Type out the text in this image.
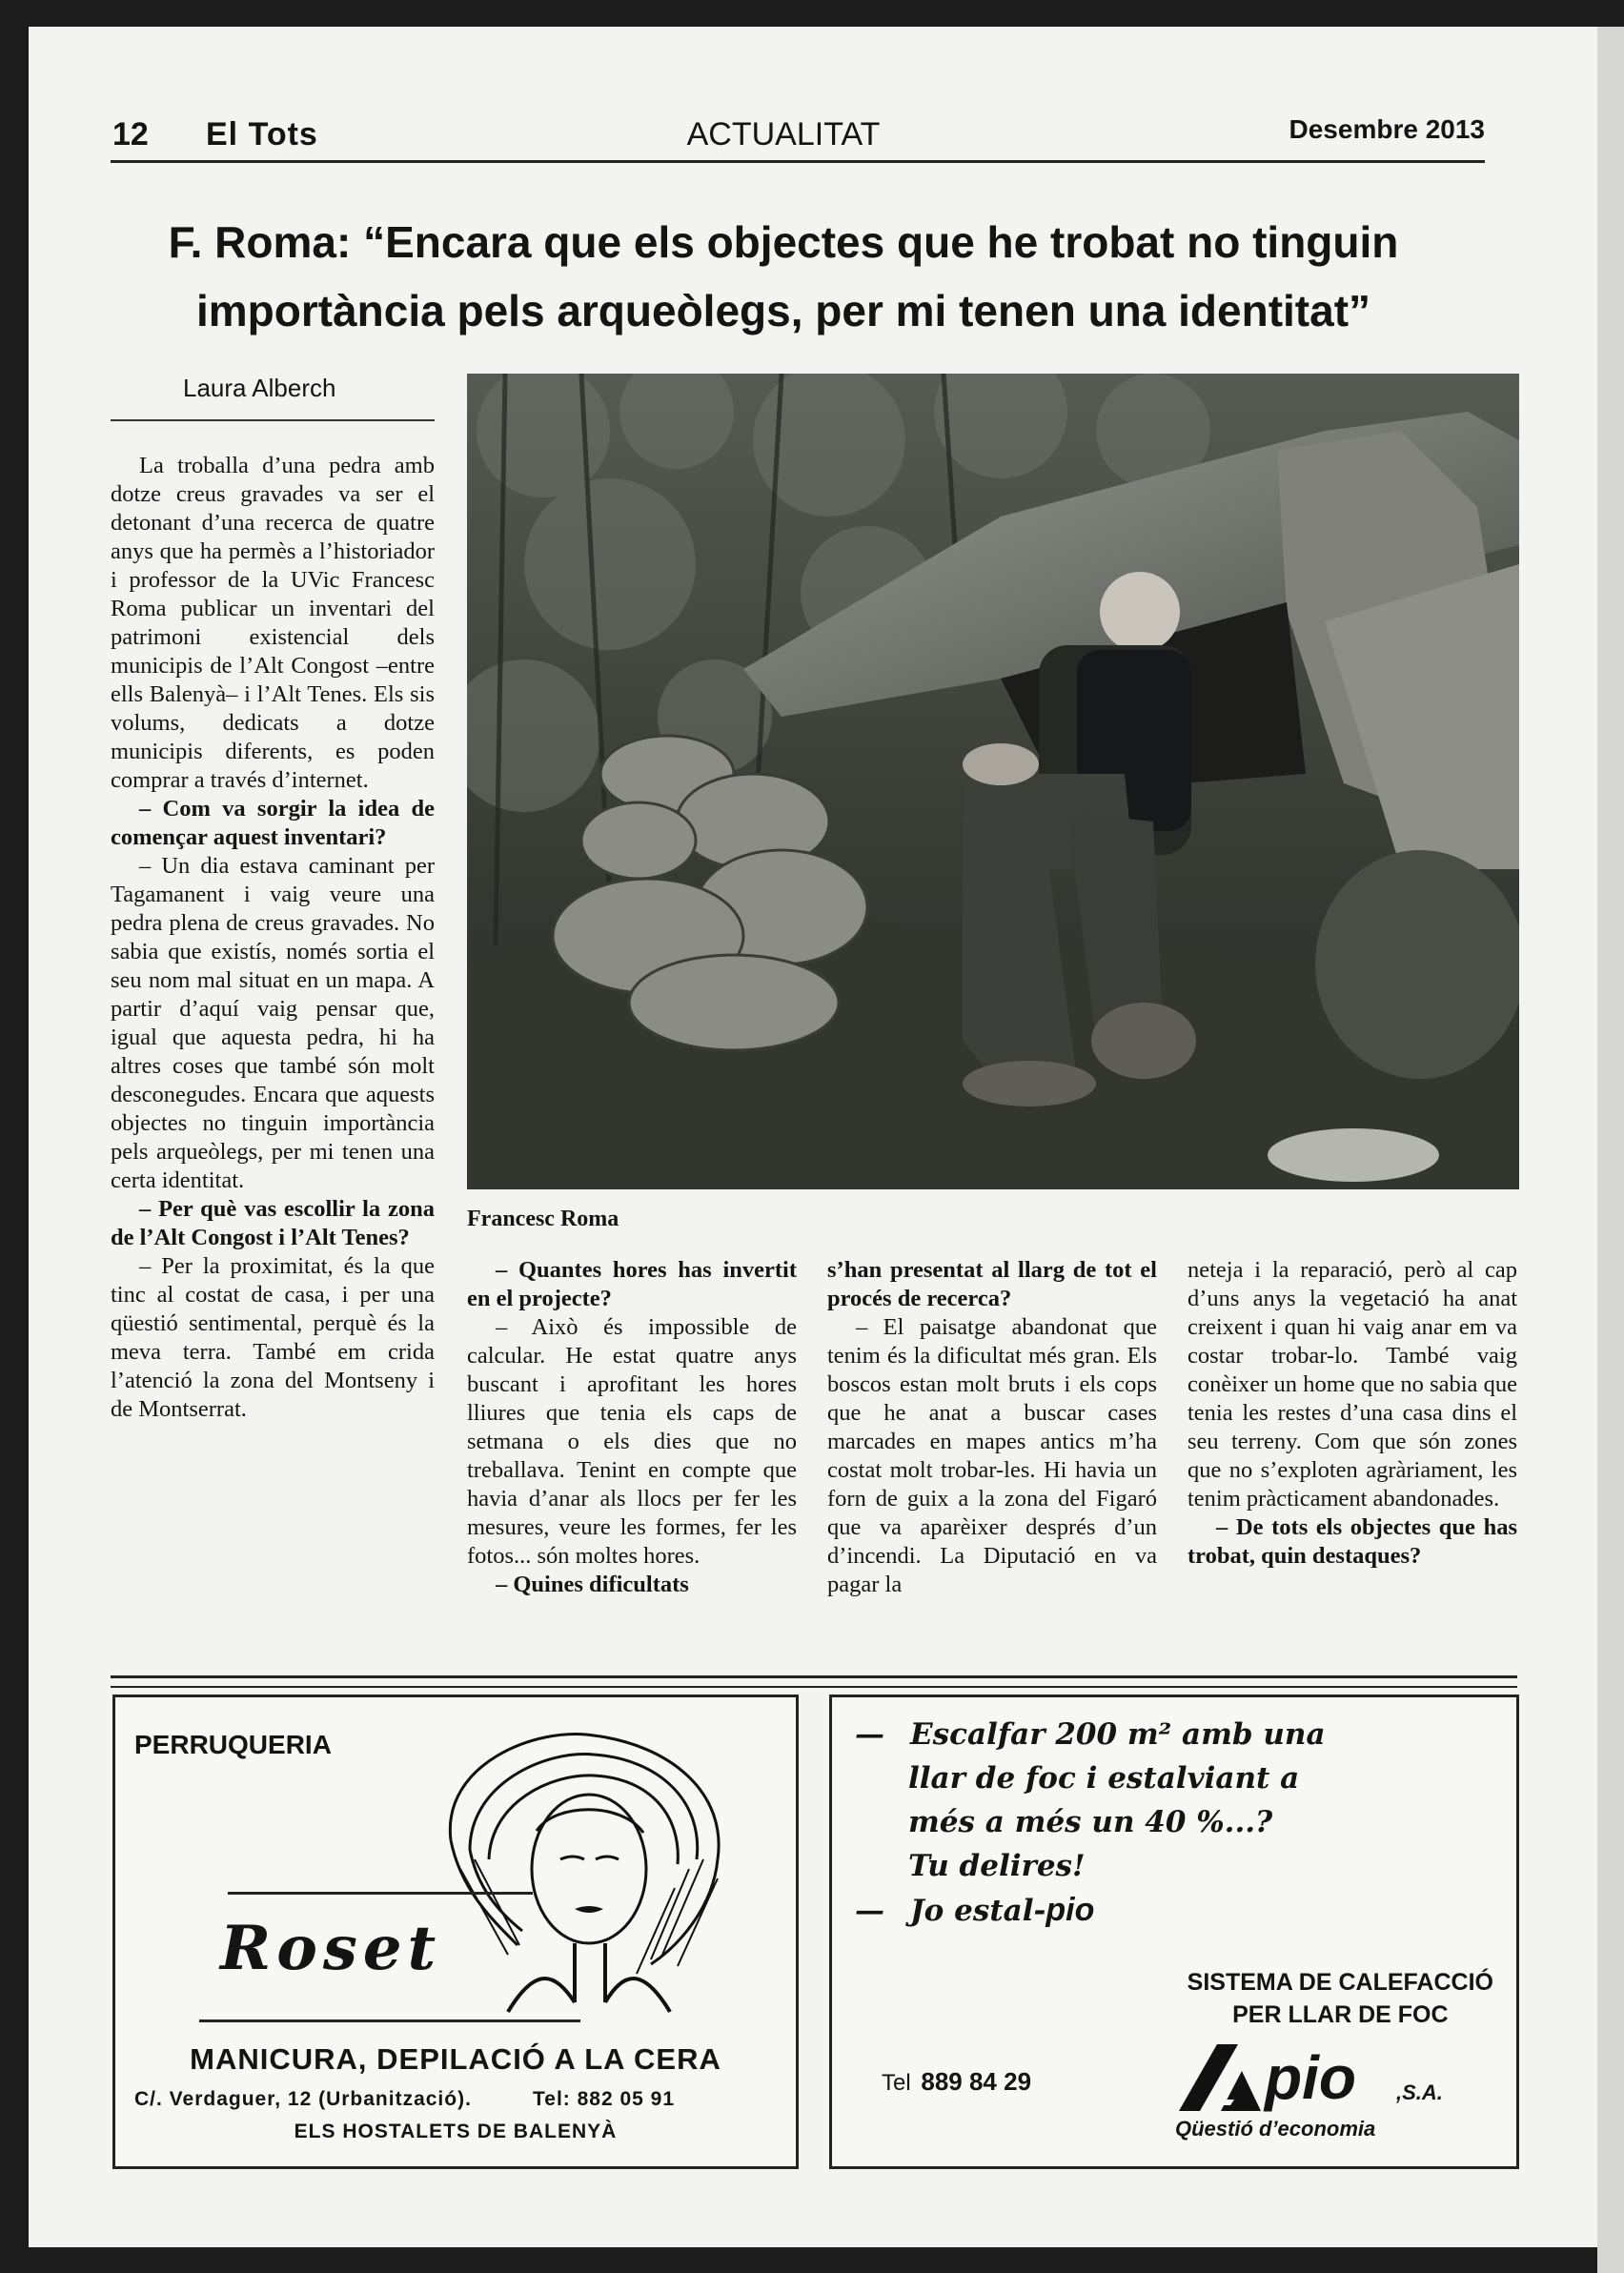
12 El Tots	ACTUALITAT	Desembre 2013
F. Roma: “Encara que els objectes que he trobat no tinguin
importància pels arqueòlegs, per mi tenen una identitat”
Laura Alberch

La troballa d’una pedra amb dotze creus gravades va ser el detonant d’una recerca de quatre anys que ha permès a l’historiador i professor de la UVic Francesc Roma publicar un inventari del patrimoni existencial dels municipis de l’Alt Congost –entre ells Balenyà– i l’Alt Tenes. Els sis volums, dedicats a dotze municipis diferents, es poden comprar a través d’internet.

– Com va sorgir la idea de començar aquest inventari?

– Un dia estava caminant per Tagamanent i vaig veure una pedra plena de creus gravades. No sabia que existís, només sortia el seu nom mal situat en un mapa. A partir d’aquí vaig pensar que, igual que aquesta pedra, hi ha altres coses que també són molt desconegudes. Encara que aquests objectes no tinguin importància pels arqueòlegs, per mi tenen una certa identitat.

– Per què vas escollir la zona de l’Alt Congost i l’Alt Tenes?

– Per la proximitat, és la que tinc al costat de casa, i per una qüestió sentimental, perquè és la meva terra. També em crida l’atenció la zona del Montseny i de Montserrat.

Francesc Roma

– Quantes hores has invertit en el projecte?

– Això és impossible de calcular. He estat quatre anys buscant i aprofitant les hores lliures que tenia els caps de setmana o els dies que no treballava. Tenint en compte que havia d’anar als llocs per fer les mesures, veure les formes, fer les fotos... són moltes hores.

– Quines dificultats

s’han presentat al llarg de tot el procés de recerca?

– El paisatge abandonat que tenim és la dificultat més gran. Els boscos estan molt bruts i els cops que he anat a buscar cases marcades en mapes antics m’ha costat molt trobar-les. Hi havia un forn de guix a la zona del Figaró que va aparèixer després d’un d’incendi. La Diputació en va pagar la

neteja i la reparació, però al cap d’uns anys la vegetació ha anat creixent i quan hi vaig anar em va costar trobar-lo. També vaig conèixer un home que no sabia que tenia les restes d’una casa dins el seu terreny. Com que són zones que no s’exploten agràriament, les tenim pràcticament abandonades.

– De tots els objectes que has trobat, quin destaques?

PERRUQUERIA
Roset
MANICURA, DEPILACIÓ A LA CERA
C/. Verdaguer, 12 (Urbanització).	Tel: 882 05 91
ELS HOSTALETS DE BALENYÀ
— Escalfar 200 m² amb una
llar de foc i estalviant a
més a més un 40 %...?
Tu delires!
— Jo estal-pio
SISTEMA DE CALEFACCIÓ
PER LLAR DE FOC
Tel 889 84 29	pio ,S.A.
Qüestió d’economia
